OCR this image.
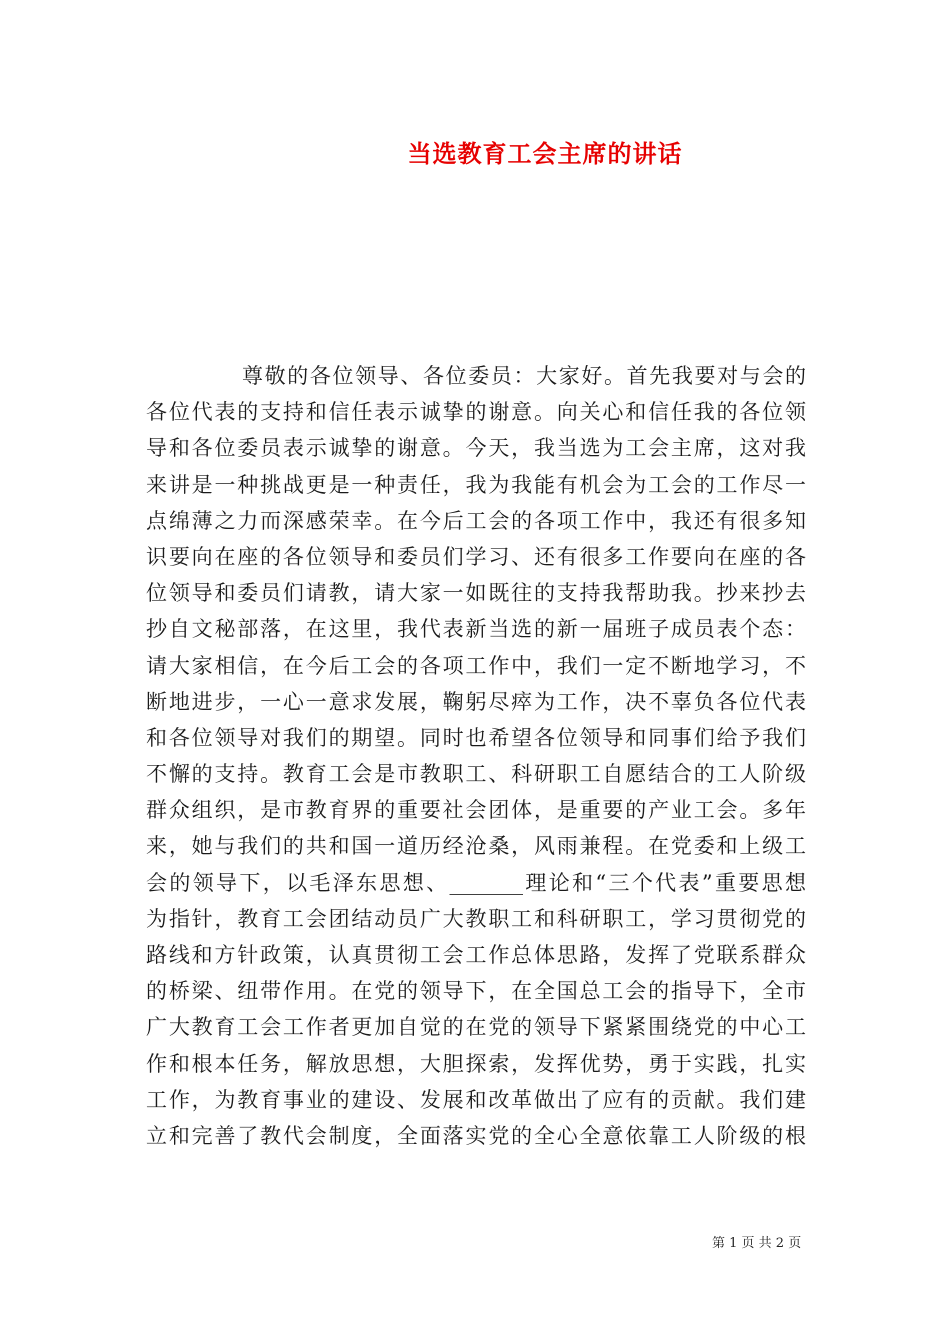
当选教育工会主席的讲话
尊敬的各位领导、各位委员：大家好。首先我要对与会的
各位代表的支持和信任表示诚挚的谢意。向关心和信任我的各位领
导和各位委员表示诚挚的谢意。今天，我当选为工会主席，这对我
来讲是一种挑战更是一种责任，我为我能有机会为工会的工作尽一
点绵薄之力而深感荣幸。在今后工会的各项工作中，我还有很多知
识要向在座的各位领导和委员们学习、还有很多工作要向在座的各
位领导和委员们请教，请大家一如既往的支持我帮助我。抄来抄去
抄自文秘部落，在这里，我代表新当选的新一届班子成员表个态：
请大家相信，在今后工会的各项工作中，我们一定不断地学习，不
断地进步，一心一意求发展，鞠躬尽瘁为工作，决不辜负各位代表
和各位领导对我们的期望。同时也希望各位领导和同事们给予我们
不懈的支持。教育工会是市教职工、科研职工自愿结合的工人阶级
群众组织，是市教育界的重要社会团体，是重要的产业工会。多年
来，她与我们的共和国一道历经沧桑，风雨兼程。在党委和上级工
会的领导下，以毛泽东思想、_______理论和“三个代表”重要思想
为指针，教育工会团结动员广大教职工和科研职工，学习贯彻党的
路线和方针政策，认真贯彻工会工作总体思路，发挥了党联系群众
的桥梁、纽带作用。在党的领导下，在全国总工会的指导下，全市
广大教育工会工作者更加自觉的在党的领导下紧紧围绕党的中心工
作和根本任务，解放思想，大胆探索，发挥优势，勇于实践，扎实
工作，为教育事业的建设、发展和改革做出了应有的贡献。我们建
立和完善了教代会制度，全面落实党的全心全意依靠工人阶级的根
第 1 页 共 2 页
